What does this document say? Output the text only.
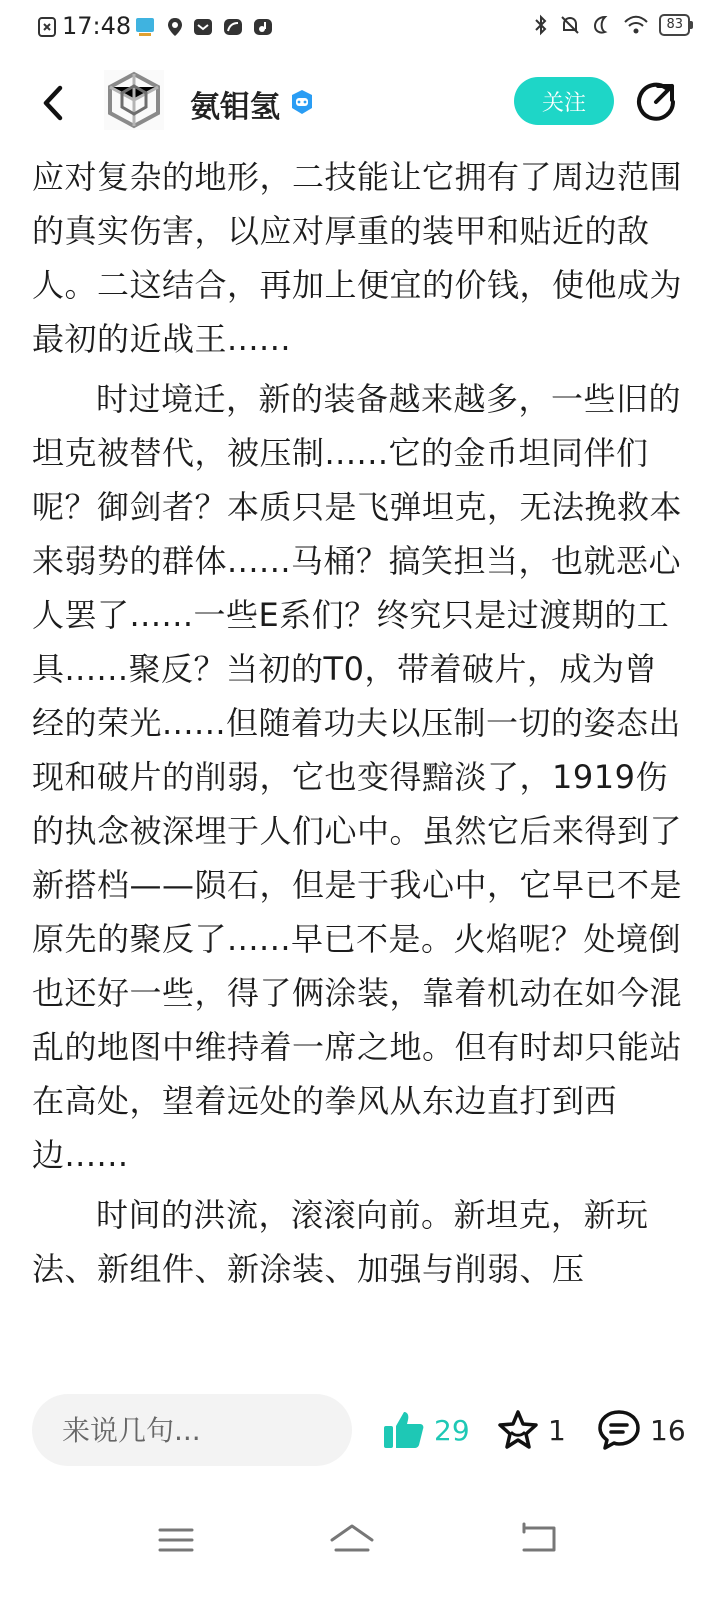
17:48	83
氨钼氢	关注

应对复杂的地形，二技能让它拥有了周边范围的真实伤害，以应对厚重的装甲和贴近的敌人。二这结合，再加上便宜的价钱，使他成为最初的近战王......

时过境迁，新的装备越来越多，一些旧的坦克被替代，被压制......它的金币坦同伴们呢？御剑者？本质只是飞弹坦克，无法挽救本来弱势的群体......马桶？搞笑担当，也就恶心人罢了......一些E系们？终究只是过渡期的工具......聚反？当初的T0，带着破片，成为曾经的荣光......但随着功夫以压制一切的姿态出现和破片的削弱，它也变得黯淡了，1919伤的执念被深埋于人们心中。虽然它后来得到了新搭档——陨石，但是于我心中，它早已不是原先的聚反了......早已不是。火焰呢？处境倒也还好一些，得了俩涂装，靠着机动在如今混乱的地图中维持着一席之地。但有时却只能站在高处，望着远处的拳风从东边直打到西边......

时间的洪流，滚滚向前。新坦克，新玩法、新组件、新涂装、加强与削弱、压

来说几句...
29	1	16
